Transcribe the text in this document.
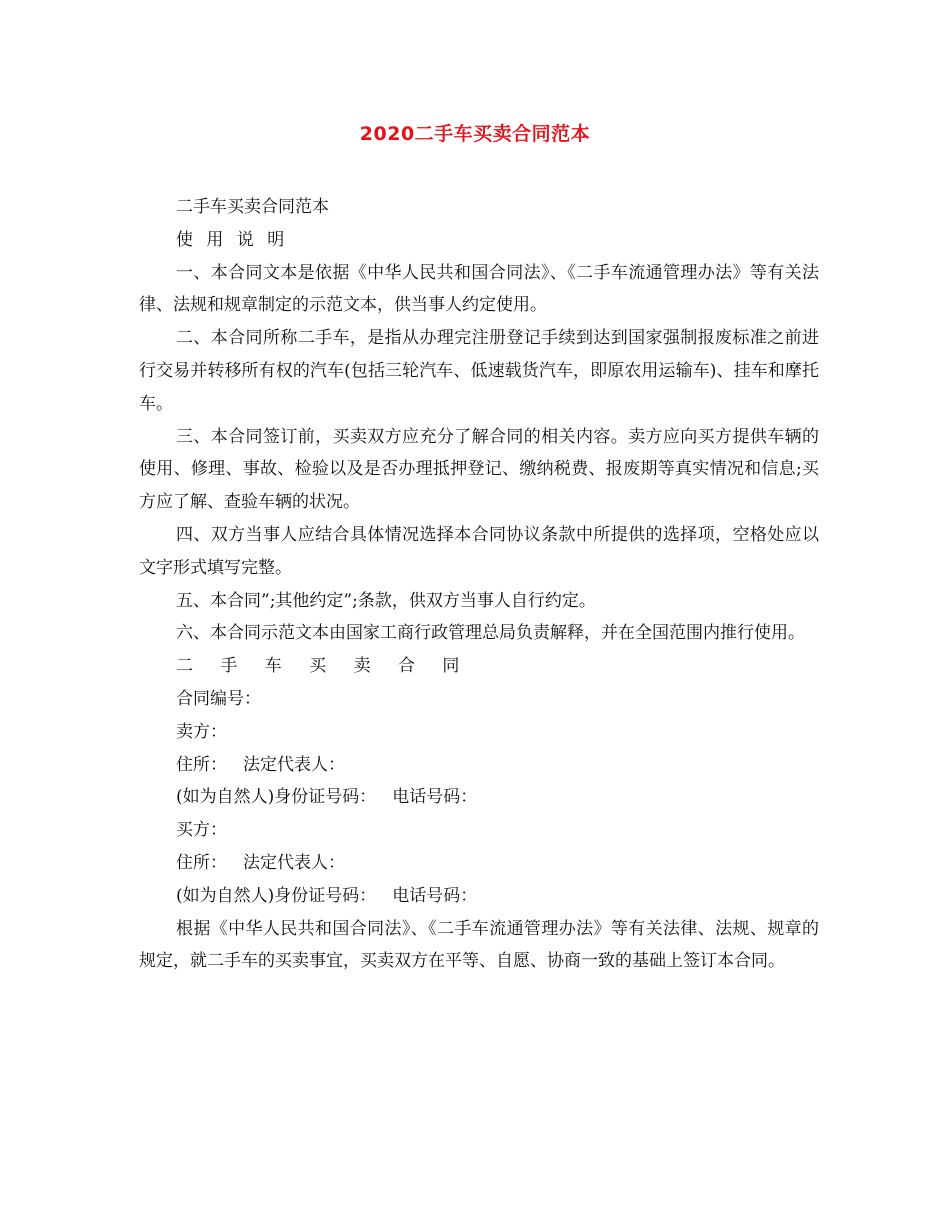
2020二手车买卖合同范本

二手车买卖合同范本

使 用 说 明

一、本合同文本是依据《中华人民共和国合同法》、《二手车流通管理办法》等有关法律、法规和规章制定的示范文本，供当事人约定使用。

二、本合同所称二手车，是指从办理完注册登记手续到达到国家强制报废标准之前进行交易并转移所有权的汽车(包括三轮汽车、低速载货汽车，即原农用运输车)、挂车和摩托车。

三、本合同签订前，买卖双方应充分了解合同的相关内容。卖方应向买方提供车辆的使用、修理、事故、检验以及是否办理抵押登记、缴纳税费、报废期等真实情况和信息;买方应了解、查验车辆的状况。

四、双方当事人应结合具体情况选择本合同协议条款中所提供的选择项，空格处应以文字形式填写完整。

五、本合同”;其他约定”;条款，供双方当事人自行约定。

六、本合同示范文本由国家工商行政管理总局负责解释，并在全国范围内推行使用。

二 手 车 买 卖 合 同

合同编号：

卖方：

住所： 法定代表人：

(如为自然人)身份证号码： 电话号码：

买方：

住所： 法定代表人：

(如为自然人)身份证号码： 电话号码：

根据《中华人民共和国合同法》、《二手车流通管理办法》等有关法律、法规、规章的规定，就二手车的买卖事宜，买卖双方在平等、自愿、协商一致的基础上签订本合同。
